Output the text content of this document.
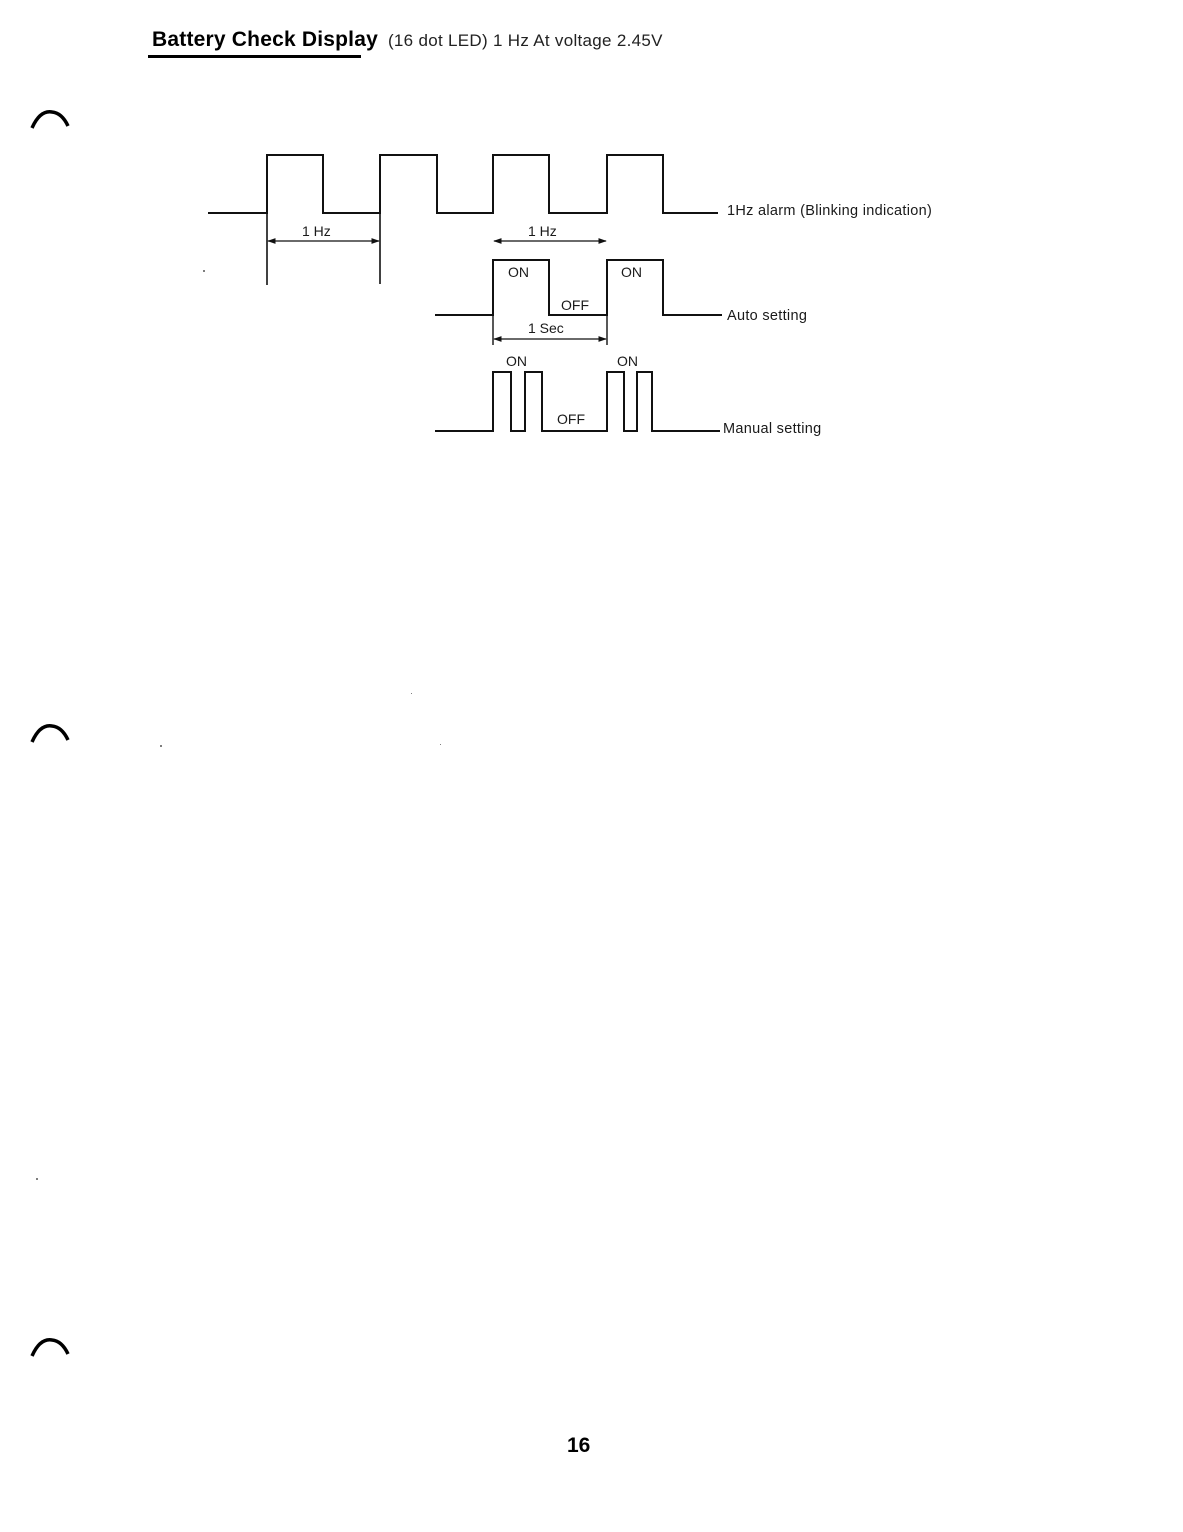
Battery Check Display (16 dot LED) 1 Hz At voltage 2.45V
1 Hz	1 Hz
ON	ON
OFF
1 Sec
ON	ON
OFF
1Hz alarm (Blinking indication)
Auto setting
Manual setting
16
